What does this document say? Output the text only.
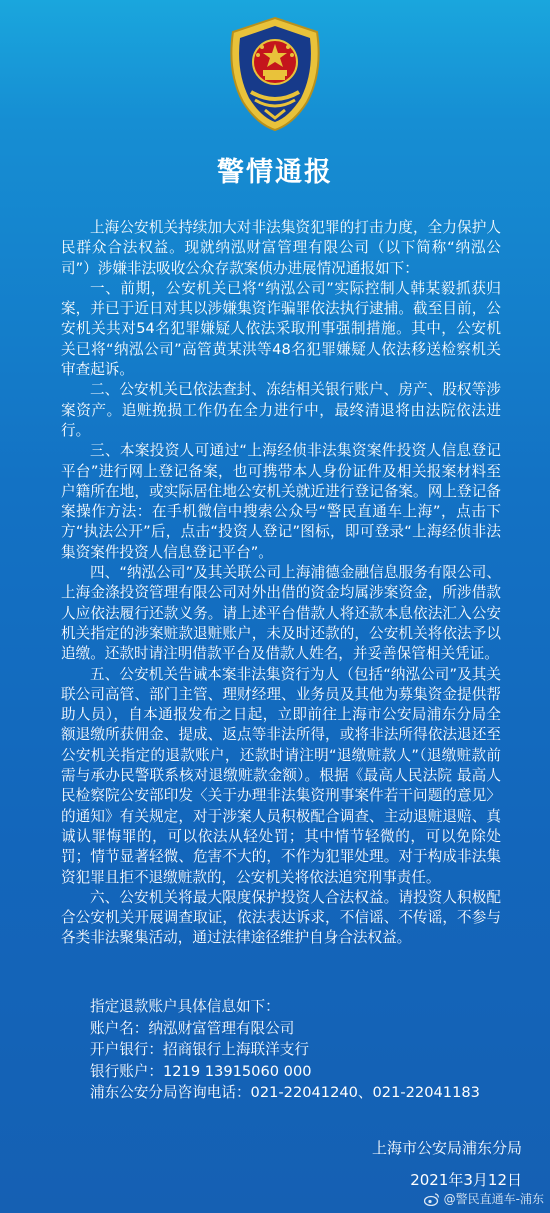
警情通报

上海公安机关持续加大对非法集资犯罪的打击力度，全力保护人民群众合法权益。现就纳泓财富管理有限公司（以下简称“纳泓公司”）涉嫌非法吸收公众存款案侦办进展情况通报如下：

一、前期，公安机关已将“纳泓公司”实际控制人韩某毅抓获归案，并已于近日对其以涉嫌集资诈骗罪依法执行逮捕。截至目前，公安机关共对54名犯罪嫌疑人依法采取刑事强制措施。其中，公安机关已将“纳泓公司”高管黄某洪等48名犯罪嫌疑人依法移送检察机关审查起诉。

二、公安机关已依法查封、冻结相关银行账户、房产、股权等涉案资产。追赃挽损工作仍在全力进行中，最终清退将由法院依法进行。

三、本案投资人可通过“上海经侦非法集资案件投资人信息登记平台”进行网上登记备案，也可携带本人身份证件及相关报案材料至户籍所在地，或实际居住地公安机关就近进行登记备案。网上登记备案操作方法：在手机微信中搜索公众号“警民直通车上海”，点击下方“执法公开”后，点击“投资人登记”图标，即可登录“上海经侦非法集资案件投资人信息登记平台”。

四、“纳泓公司”及其关联公司上海浦德金融信息服务有限公司、上海金涤投资管理有限公司对外出借的资金均属涉案资金，所涉借款人应依法履行还款义务。请上述平台借款人将还款本息依法汇入公安机关指定的涉案赃款退赃账户，未及时还款的，公安机关将依法予以追缴。还款时请注明借款平台及借款人姓名，并妥善保管相关凭证。

五、公安机关告诫本案非法集资行为人（包括“纳泓公司”及其关联公司高管、部门主管、理财经理、业务员及其他为募集资金提供帮助人员），自本通报发布之日起，立即前往上海市公安局浦东分局全额退缴所获佣金、提成、返点等非法所得，或将非法所得依法退还至公安机关指定的退款账户，还款时请注明“退缴赃款人”（退缴赃款前需与承办民警联系核对退缴赃款金额）。根据《最高人民法院 最高人民检察院公安部印发〈关于办理非法集资刑事案件若干问题的意见〉的通知》有关规定，对于涉案人员积极配合调查、主动退赃退赔、真诚认罪悔罪的，可以依法从轻处罚；其中情节轻微的，可以免除处罚；情节显著轻微、危害不大的，不作为犯罪处理。对于构成非法集资犯罪且拒不退缴赃款的，公安机关将依法追究刑事责任。

六、公安机关将最大限度保护投资人合法权益。请投资人积极配合公安机关开展调查取证，依法表达诉求，不信谣、不传谣，不参与各类非法聚集活动，通过法律途径维护自身合法权益。

指定退款账户具体信息如下：

账户名：纳泓财富管理有限公司

开户银行：招商银行上海联洋支行

银行账户：1219 13915060 000

浦东公安分局咨询电话：021-22041240、021-22041183

上海市公安局浦东分局

2021年3月12日

@警民直通车-浦东
